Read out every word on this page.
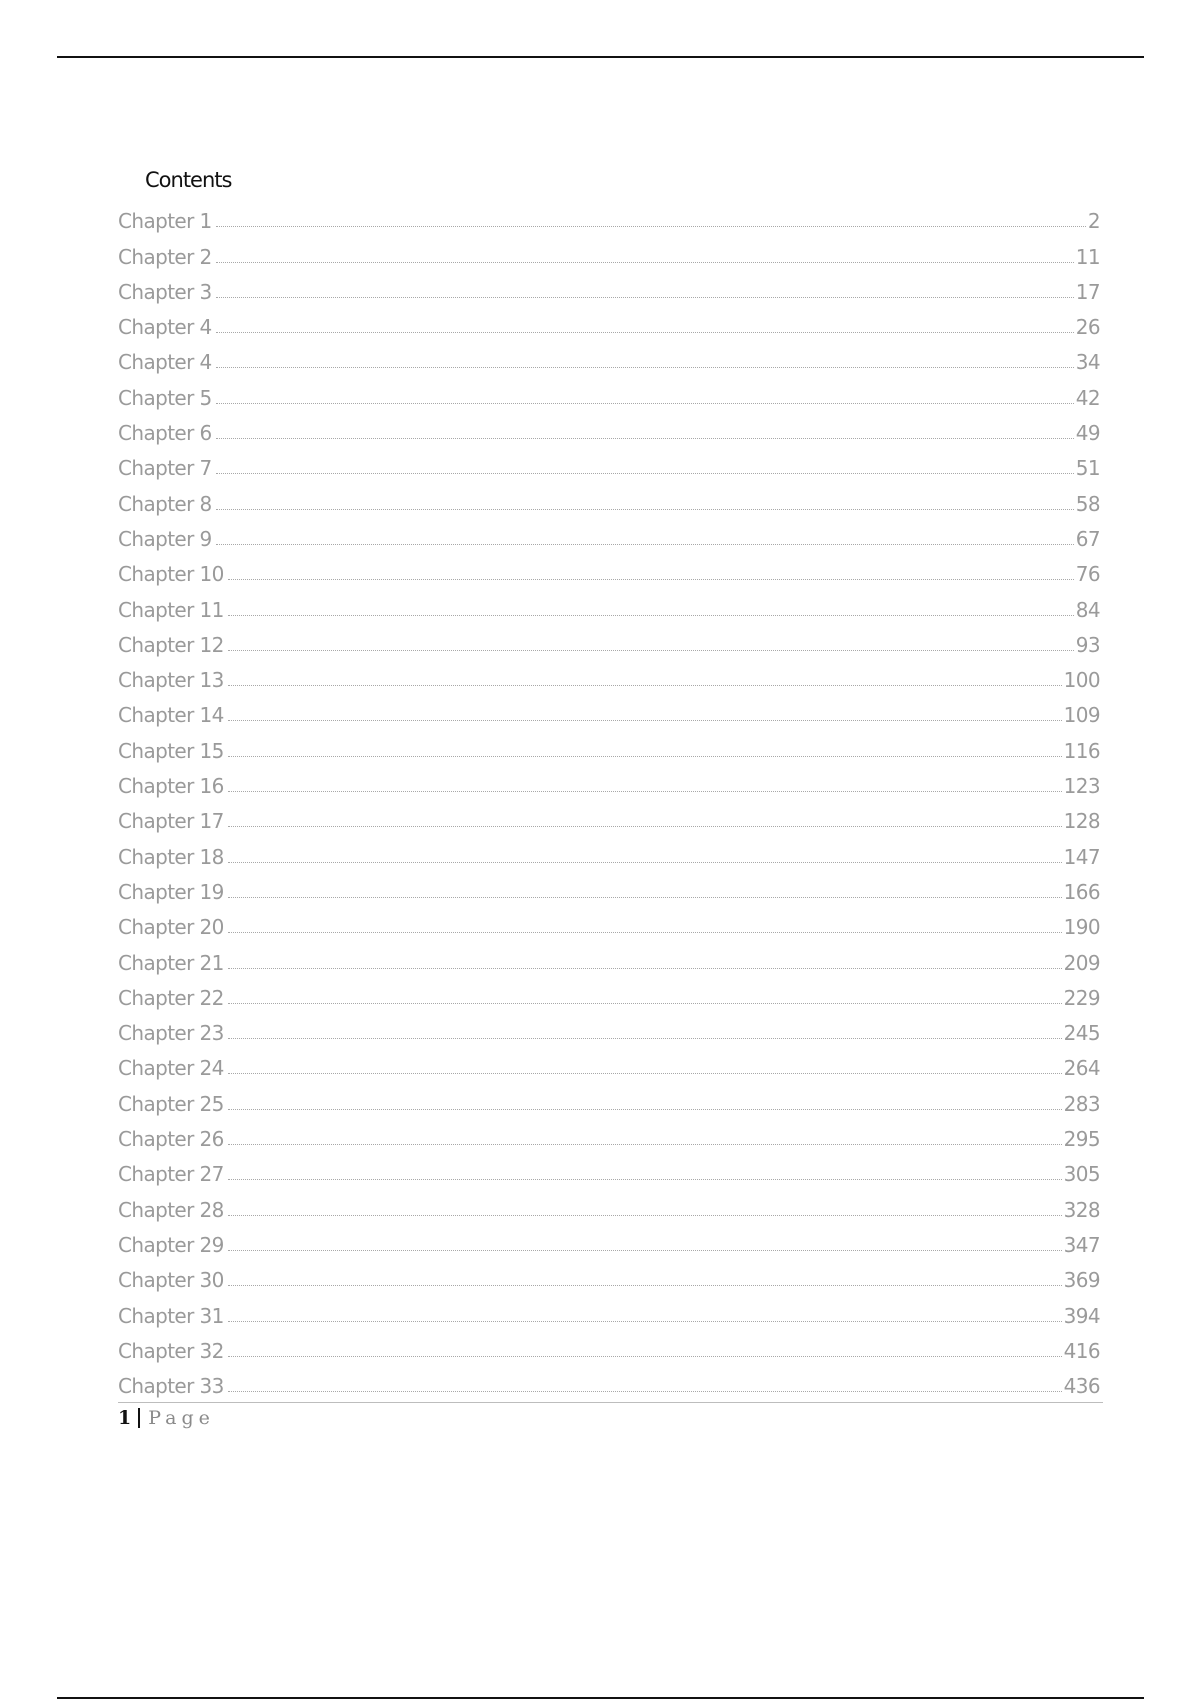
Contents
Chapter 1	2
Chapter 2	11
Chapter 3	17
Chapter 4	26
Chapter 4	34
Chapter 5	42
Chapter 6	49
Chapter 7	51
Chapter 8	58
Chapter 9	67
Chapter 10	76
Chapter 11	84
Chapter 12	93
Chapter 13	100
Chapter 14	109
Chapter 15	116
Chapter 16	123
Chapter 17	128
Chapter 18	147
Chapter 19	166
Chapter 20	190
Chapter 21	209
Chapter 22	229
Chapter 23	245
Chapter 24	264
Chapter 25	283
Chapter 26	295
Chapter 27	305
Chapter 28	328
Chapter 29	347
Chapter 30	369
Chapter 31	394
Chapter 32	416
Chapter 33	436
1 Page
